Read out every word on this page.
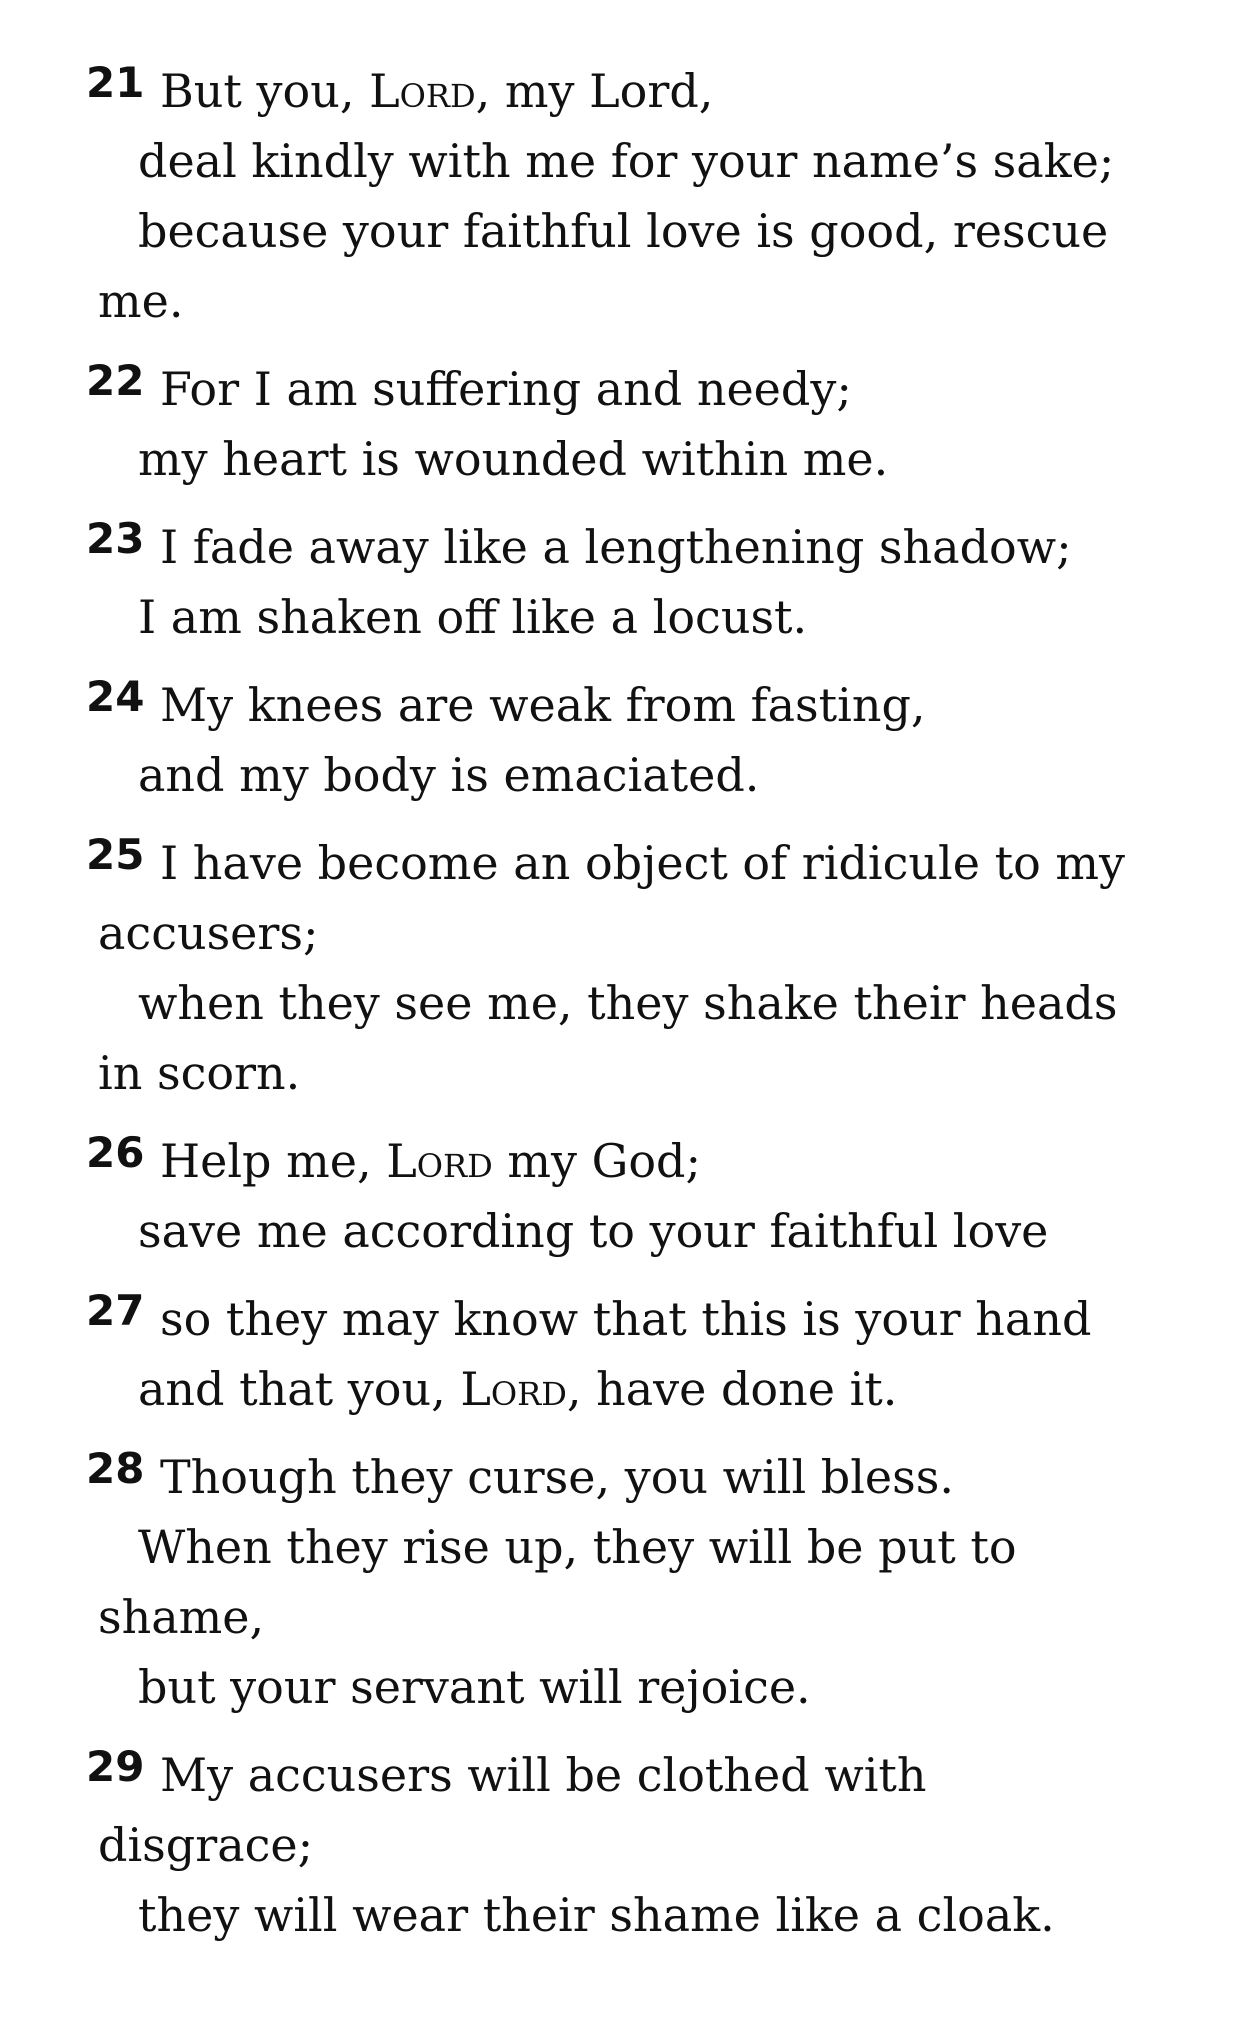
21 But you, Lord, my Lord,
deal kindly with me for your name’s sake;
because your faithful love is good, rescue
me.
22 For I am suffering and needy;
my heart is wounded within me.
23 I fade away like a lengthening shadow;
I am shaken off like a locust.
24 My knees are weak from fasting,
and my body is emaciated.
25 I have become an object of ridicule to my
accusers;
when they see me, they shake their heads
in scorn.
26 Help me, Lord my God;
save me according to your faithful love
27 so they may know that this is your hand
and that you, Lord, have done it.
28 Though they curse, you will bless.
When they rise up, they will be put to
shame,
but your servant will rejoice.
29 My accusers will be clothed with
disgrace;
they will wear their shame like a cloak.
